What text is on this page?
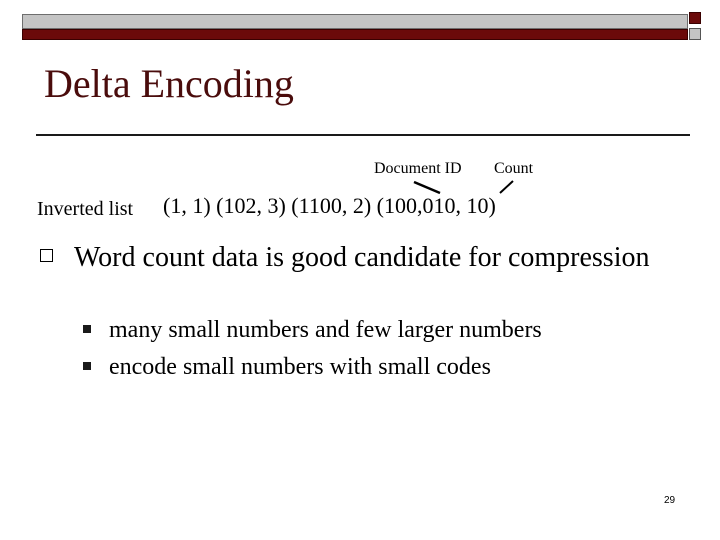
Delta Encoding
Document ID Count
Inverted list (1, 1) (102, 3) (1100, 2) (100,010, 10)
Word count data is good candidate for compression
many small numbers and few larger numbers
encode small numbers with small codes
29
